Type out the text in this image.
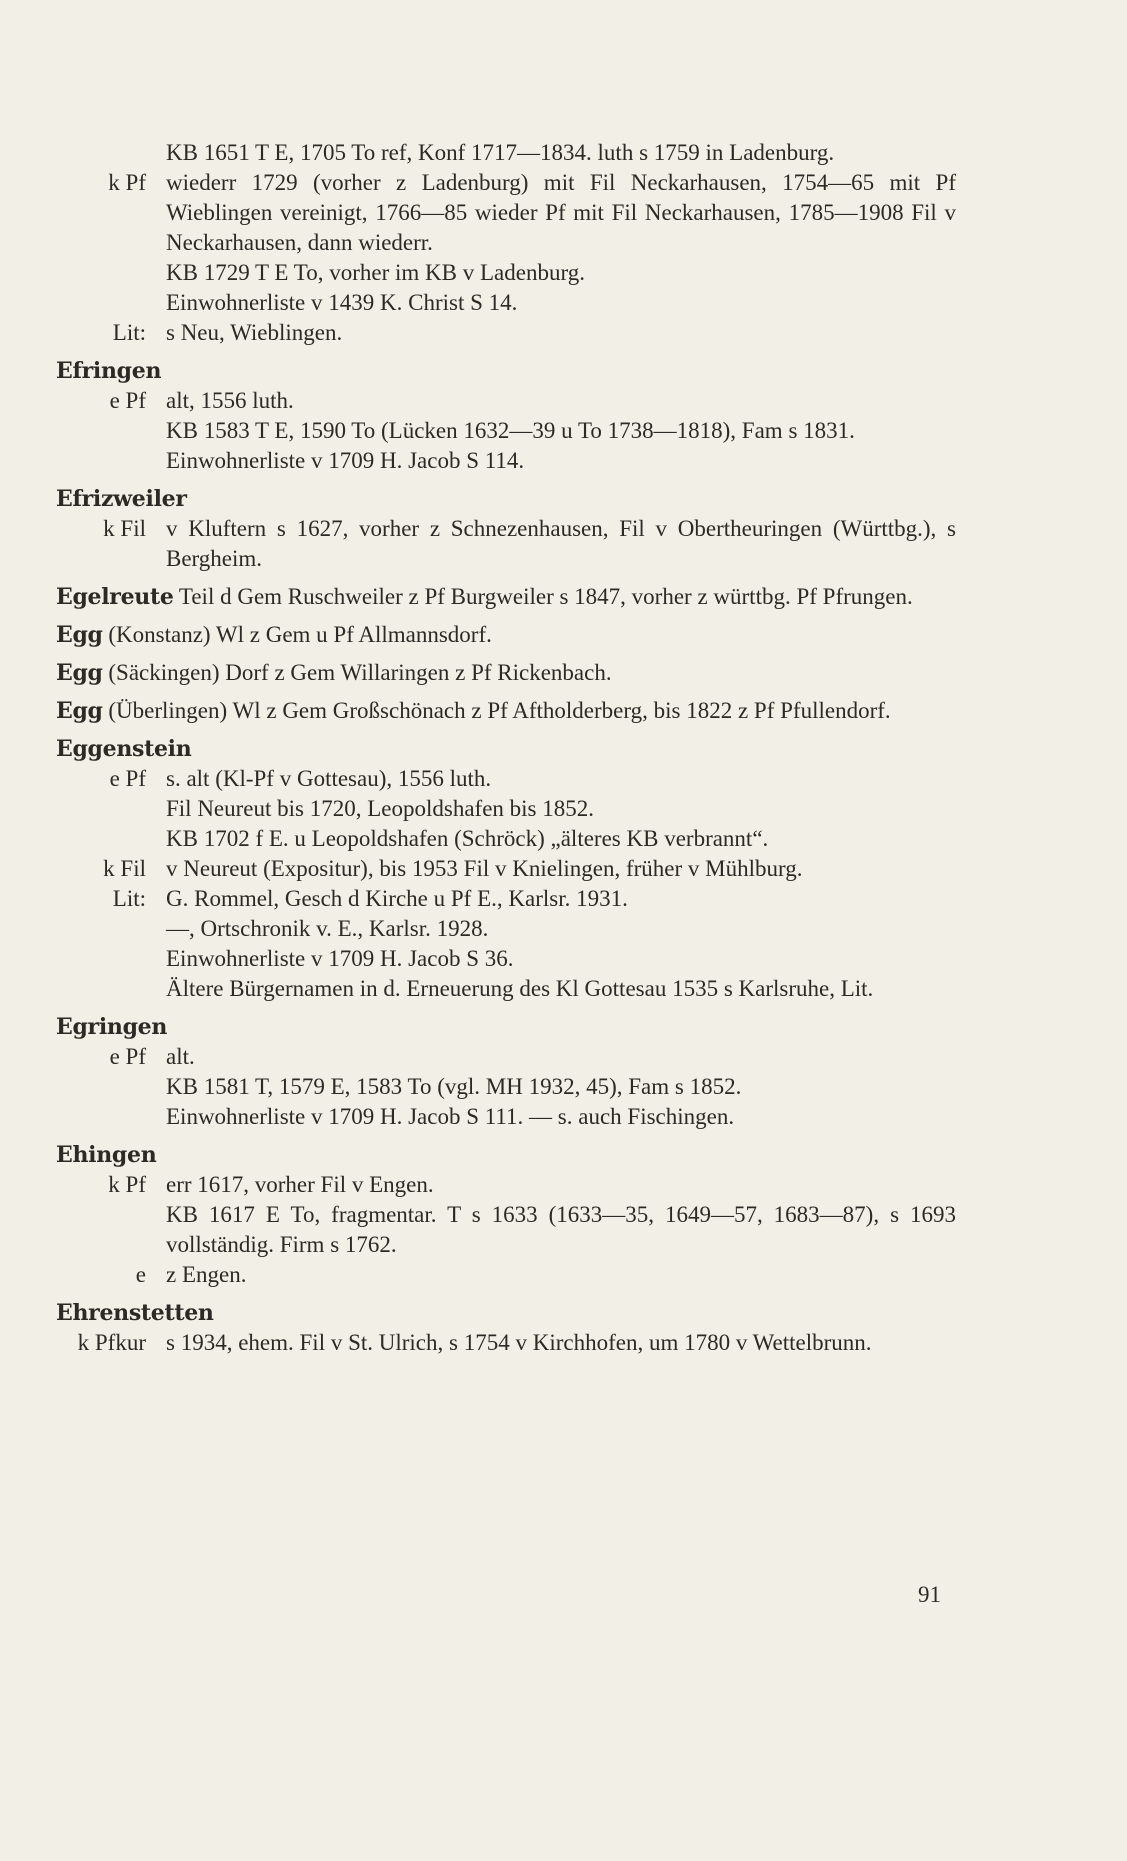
KB 1651 T E, 1705 To ref, Konf 1717—1834. luth s 1759 in Ladenburg.
k Pf wiederr 1729 (vorher z Ladenburg) mit Fil Neckarhausen, 1754—65 mit Pf Wieblingen vereinigt, 1766—85 wieder Pf mit Fil Neckarhausen, 1785—1908 Fil v Neckarhausen, dann wiederr.
KB 1729 T E To, vorher im KB v Ladenburg.
Einwohnerliste v 1439 K. Christ S 14.
Lit: s Neu, Wieblingen.
Efringen
e Pf alt, 1556 luth.
KB 1583 T E, 1590 To (Lücken 1632—39 u To 1738—1818), Fam s 1831.
Einwohnerliste v 1709 H. Jacob S 114.
Efrizweiler
k Fil v Kluftern s 1627, vorher z Schnezenhausen, Fil v Obertheuringen (Württbg.), s Bergheim.
Egelreute Teil d Gem Ruschweiler z Pf Burgweiler s 1847, vorher z württbg. Pf Pfrungen.
Egg (Konstanz) Wl z Gem u Pf Allmannsdorf.
Egg (Säckingen) Dorf z Gem Willaringen z Pf Rickenbach.
Egg (Überlingen) Wl z Gem Großschönach z Pf Aftholderberg, bis 1822 z Pf Pfullendorf.
Eggenstein
e Pf s. alt (Kl-Pf v Gottesau), 1556 luth.
Fil Neureut bis 1720, Leopoldshafen bis 1852.
KB 1702 f E. u Leopoldshafen (Schröck) „älteres KB verbrannt“.
k Fil v Neureut (Expositur), bis 1953 Fil v Knielingen, früher v Mühlburg.
Lit: G. Rommel, Gesch d Kirche u Pf E., Karlsr. 1931.
—, Ortschronik v. E., Karlsr. 1928.
Einwohnerliste v 1709 H. Jacob S 36.
Ältere Bürgernamen in d. Erneuerung des Kl Gottesau 1535 s Karlsruhe, Lit.
Egringen
e Pf alt.
KB 1581 T, 1579 E, 1583 To (vgl. MH 1932, 45), Fam s 1852.
Einwohnerliste v 1709 H. Jacob S 111. — s. auch Fischingen.
Ehingen
k Pf err 1617, vorher Fil v Engen.
KB 1617 E To, fragmentar. T s 1633 (1633—35, 1649—57, 1683—87), s 1693 vollständig. Firm s 1762.
e z Engen.
Ehrenstetten
k Pfkur s 1934, ehem. Fil v St. Ulrich, s 1754 v Kirchhofen, um 1780 v Wettelbrunn.
91
